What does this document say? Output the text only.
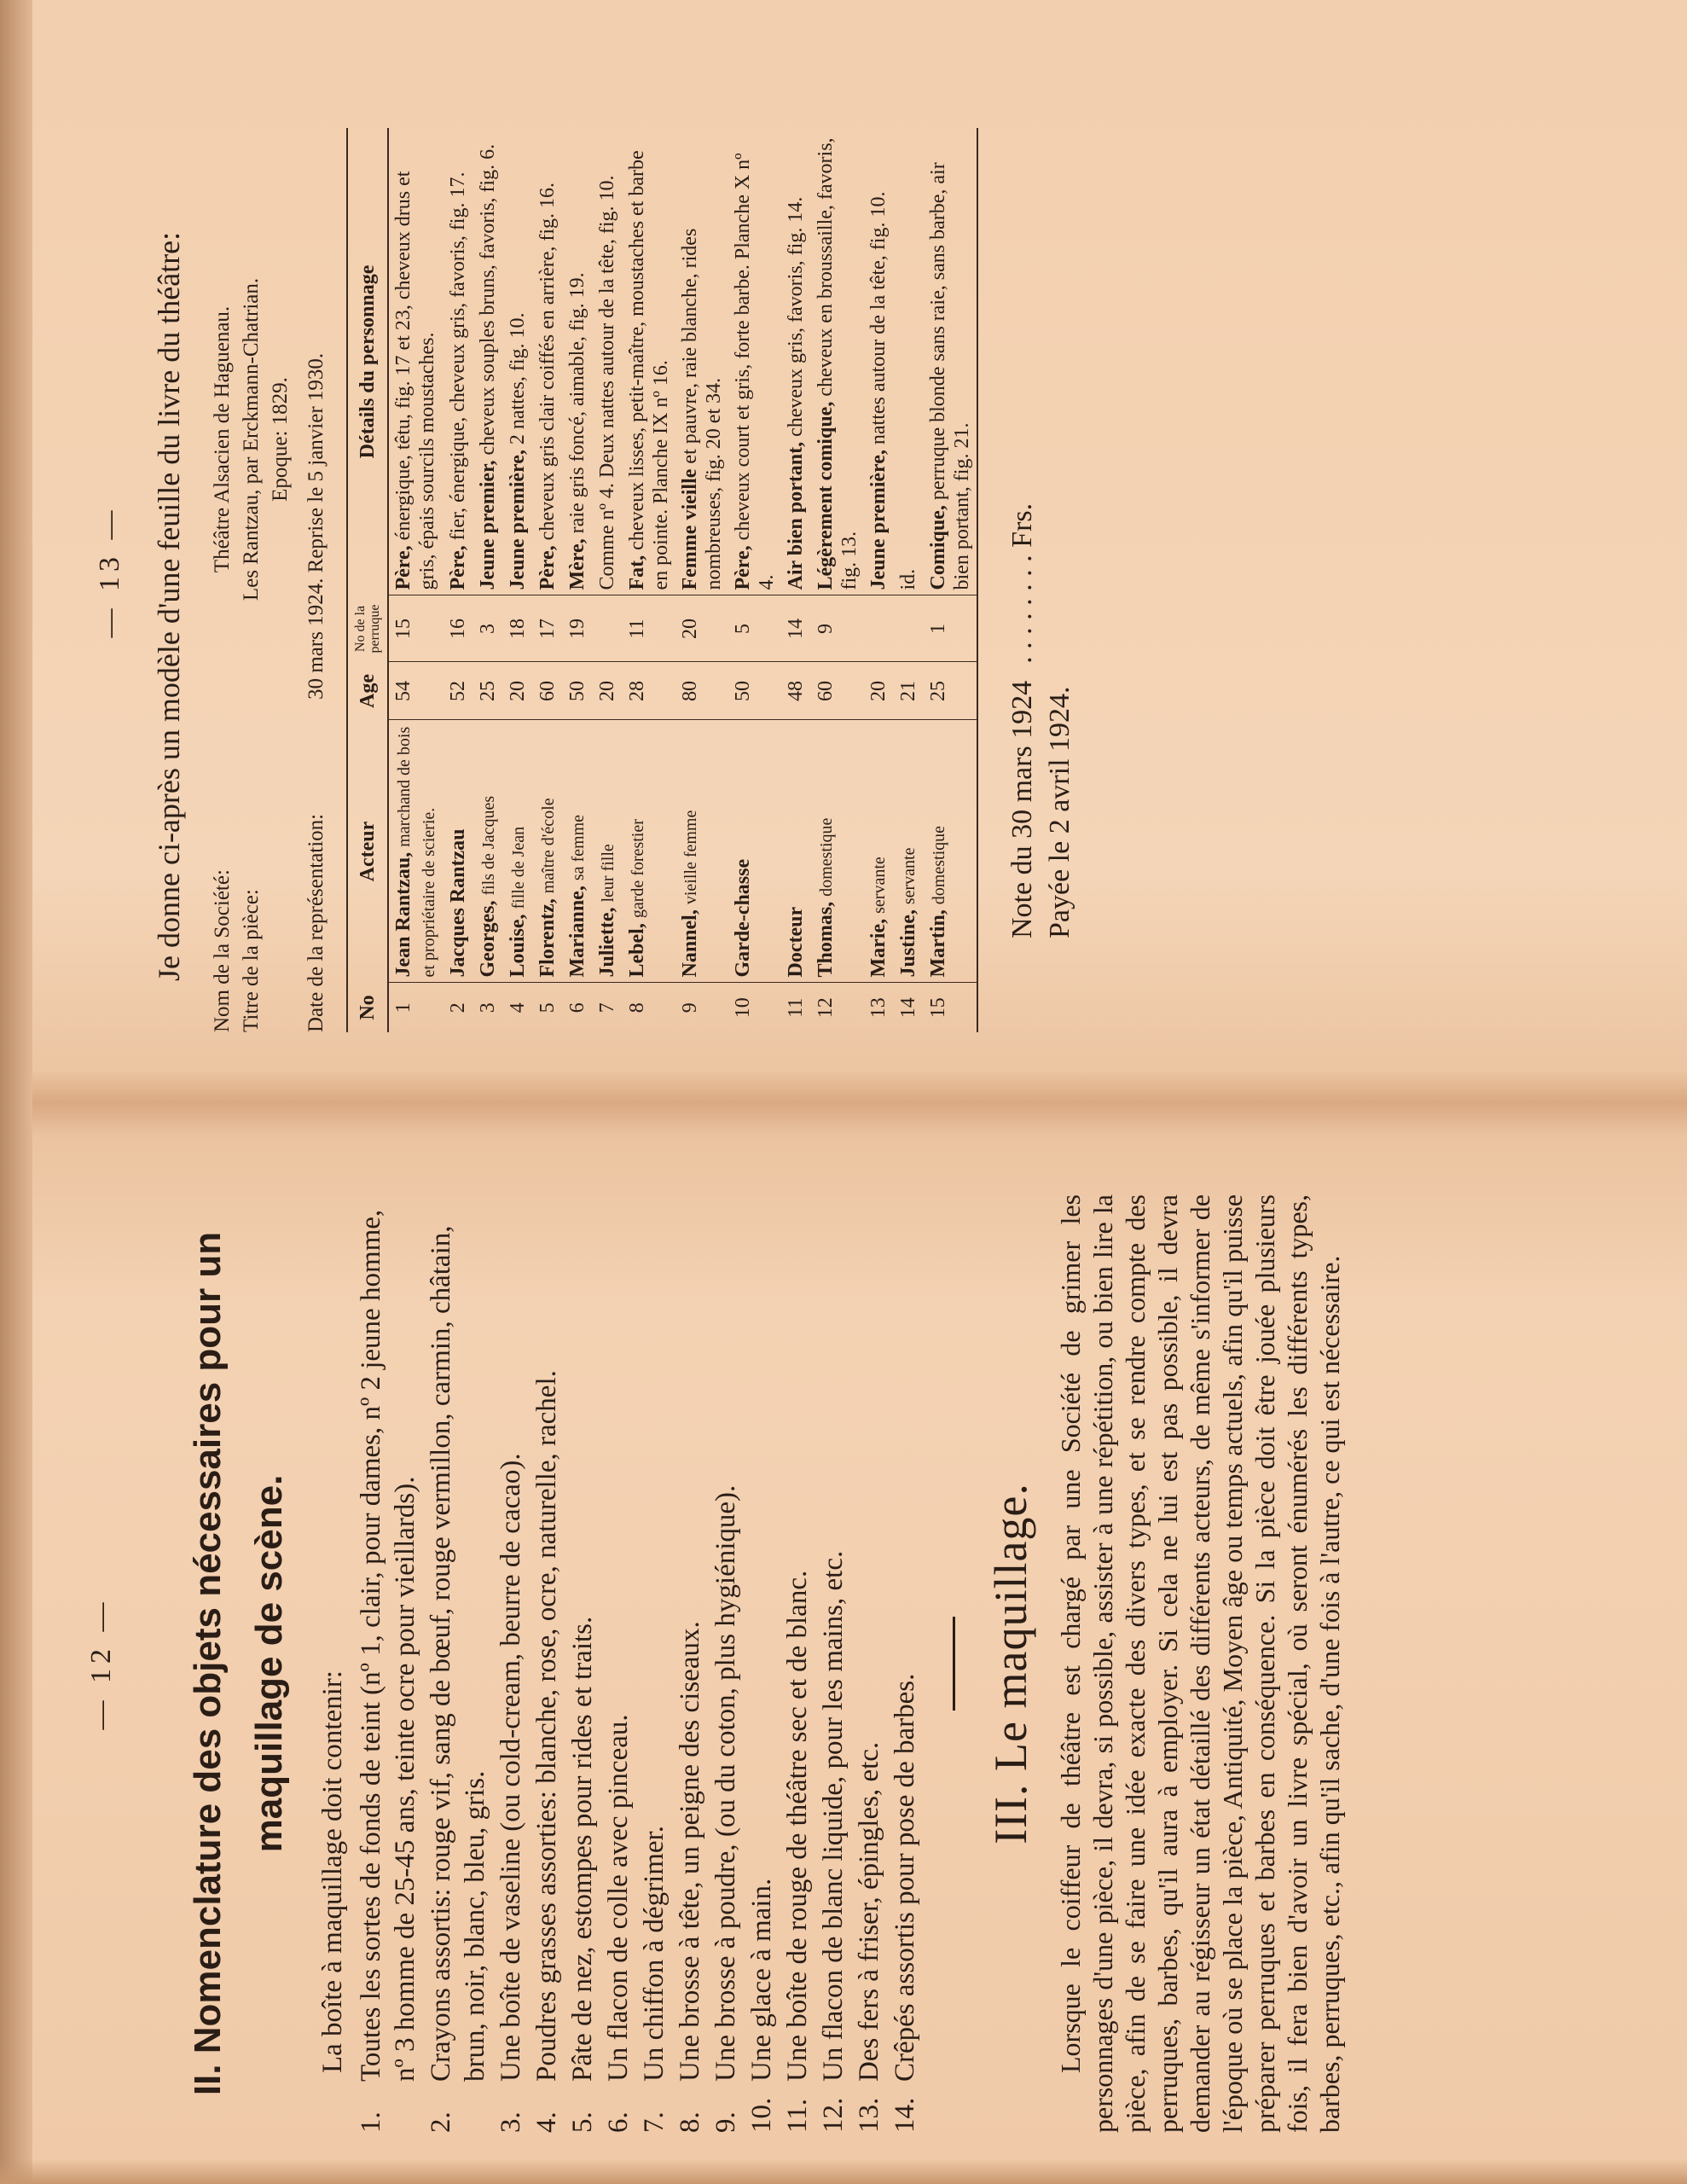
— 13 — Je donne ci-après un modèle d'une feuille du livre du théâtre: Nom de la Société:
Théâtre Alsacien de Haguenau.
Titre de la pièce:
Les Rantzau, par Erckmann-Chatrian. Epoque: 1829.
Date de la représentation:
30 mars 1924. Reprise le 5 janvier 1930.
No	Acteur	Age	No de la perruque	Détails du personnage
1	Jean Rantzau, marchand de bois et propriétaire de scierie.	54	15	Père, énergique, têtu, fig. 17 et 23, cheveux drus et gris, épais sourcils moustaches.
2	Jacques Rantzau	52	16	Père, fier, énergique, cheveux gris, favoris, fig. 17.
3	Georges, fils de Jacques	25	3	Jeune premier, cheveux souples bruns, favoris, fig. 6.
4	Louise, fille de Jean	20	18	Jeune première, 2 nattes, fig. 10.
5	Florentz, maître d'école	60	17	Père, cheveux gris clair coiffés en arrière, fig. 16.
6	Marianne, sa femme	50	19	Mère, raie gris foncé, aimable, fig. 19.
7	Juliette, leur fille	20		Comme nº 4. Deux nattes autour de la tête, fig. 10.
8	Lebel, garde forestier	28	11	Fat, cheveux lisses, petit-maître, moustaches et barbe en pointe. Planche IX nº 16.
9	Nannel, vieille femme	80	20	Femme vieille et pauvre, raie blanche, rides nombreuses, fig. 20 et 34.
10	Garde-chasse	50	5	Père, cheveux court et gris, forte barbe. Planche X nº 4.
11	Docteur	48	14	Air bien portant, cheveux gris, favoris, fig. 14.
12	Thomas, domestique	60	9	Légèrement comique, cheveux en broussaille, favoris, fig. 13.
13	Marie, servante	20		Jeune première, nattes autour de la tête, fig. 10.
14	Justine, servante	21		id.
15	Martin, domestique	25	1	Comique, perruque blonde sans raie, sans barbe, air bien portant, fig. 21.
Note du 30 mars 1924
. . . . . . . . Frs.
Payée le 2 avril 1924.
— 12 — II. Nomenclature des objets nécessaires pour un maquillage de scène.

La boîte à maquillage doit contenir:

1.
Toutes les sortes de fonds de teint (nº 1, clair, pour dames, nº 2 jeune homme, nº 3 homme de 25-45 ans, teinte ocre pour vieillards).
2.
Crayons assortis: rouge vif, sang de bœuf, rouge vermillon, carmin, châtain, brun, noir, blanc, bleu, gris.
3.
Une boîte de vaseline (ou cold-cream, beurre de cacao).
4.
Poudres grasses assorties: blanche, rose, ocre, naturelle, rachel.
5.
Pâte de nez, estompes pour rides et traits.
6.
Un flacon de colle avec pinceau.
7.
Un chiffon à dégrimer.
8.
Une brosse à tête, un peigne des ciseaux.
9.
Une brosse à poudre, (ou du coton, plus hygiénique).
10.
Une glace à main.
11.
Une boîte de rouge de théâtre sec et de blanc.
12.
Un flacon de blanc liquide, pour les mains, etc.
13.
Des fers à friser, épingles, etc.
14.
Crêpés assortis pour pose de barbes.
III. Le maquillage. Lorsque le coiffeur de théâtre est chargé par une Société de grimer les personnages d'une pièce, il devra, si possible, assister à une répétition, ou bien lire la pièce, afin de se faire une idée exacte des divers types, et se rendre compte des perruques, barbes, qu'il aura à employer. Si cela ne lui est pas possible, il devra demander au régisseur un état détaillé des différents acteurs, de même s'informer de l'époque où se place la pièce, Antiquité, Moyen âge ou temps actuels, afin qu'il puisse préparer perruques et barbes en conséquence. Si la pièce doit être jouée plusieurs fois, il fera bien d'avoir un livre spécial, où seront énumérés les différents types, barbes, perruques, etc., afin qu'il sache, d'une fois à l'autre, ce qui est nécessaire.
